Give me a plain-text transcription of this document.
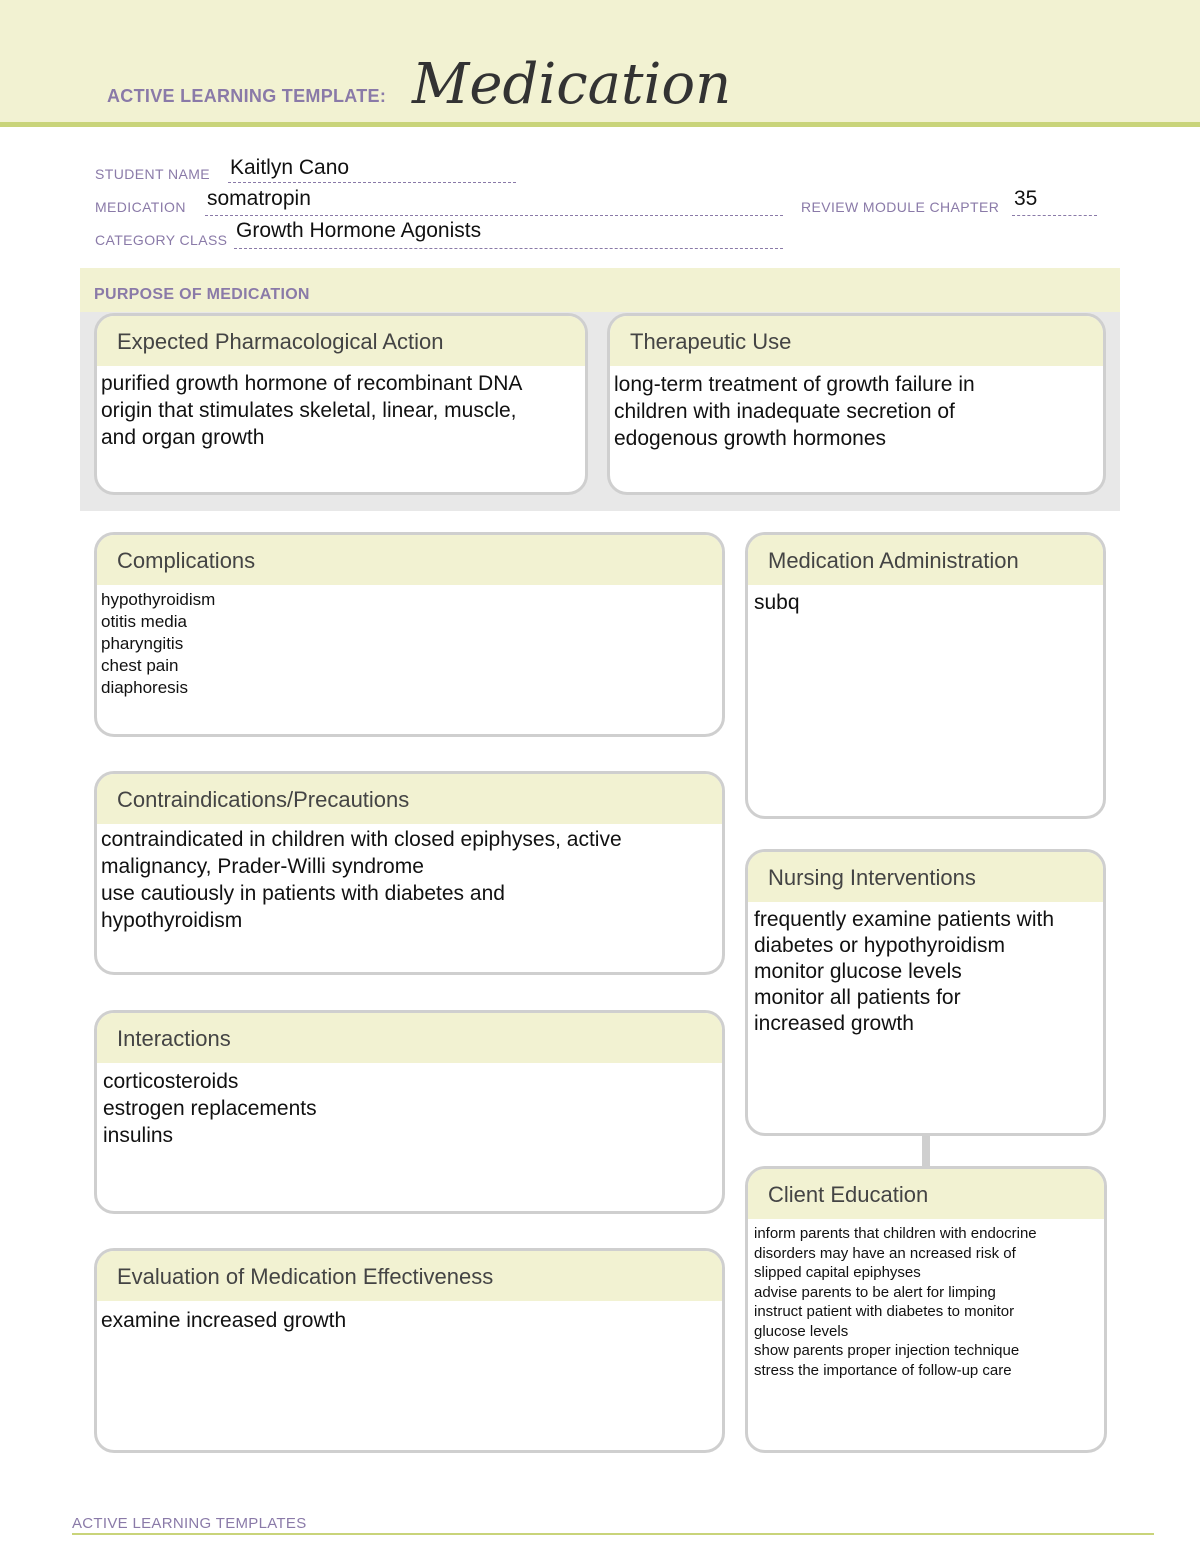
ACTIVE LEARNING TEMPLATE: Medication
STUDENT NAME Kaitlyn Cano
MEDICATION somatropin	REVIEW MODULE CHAPTER 35
CATEGORY CLASS Growth Hormone Agonists
PURPOSE OF MEDICATION
Expected Pharmacological Action
purified growth hormone of recombinant DNA
origin that stimulates skeletal, linear, muscle,
and organ growth
Therapeutic Use
long-term treatment of growth failure in
children with inadequate secretion of
edogenous growth hormones
Complications
hypothyroidism
otitis media
pharyngitis
chest pain
diaphoresis
Medication Administration
subq
Contraindications/Precautions
contraindicated in children with closed epiphyses, active
malignancy, Prader-Willi syndrome
use cautiously in patients with diabetes and
hypothyroidism
Nursing Interventions
frequently examine patients with
diabetes or hypothyroidism
monitor glucose levels
monitor all patients for
increased growth
Interactions
corticosteroids
estrogen replacements
insulins
Client Education
inform parents that children with endocrine
disorders may have an ncreased risk of
slipped capital epiphyses
advise parents to be alert for limping
instruct patient with diabetes to monitor
glucose levels
show parents proper injection technique
stress the importance of follow-up care
Evaluation of Medication Effectiveness
examine increased growth
ACTIVE LEARNING TEMPLATES
